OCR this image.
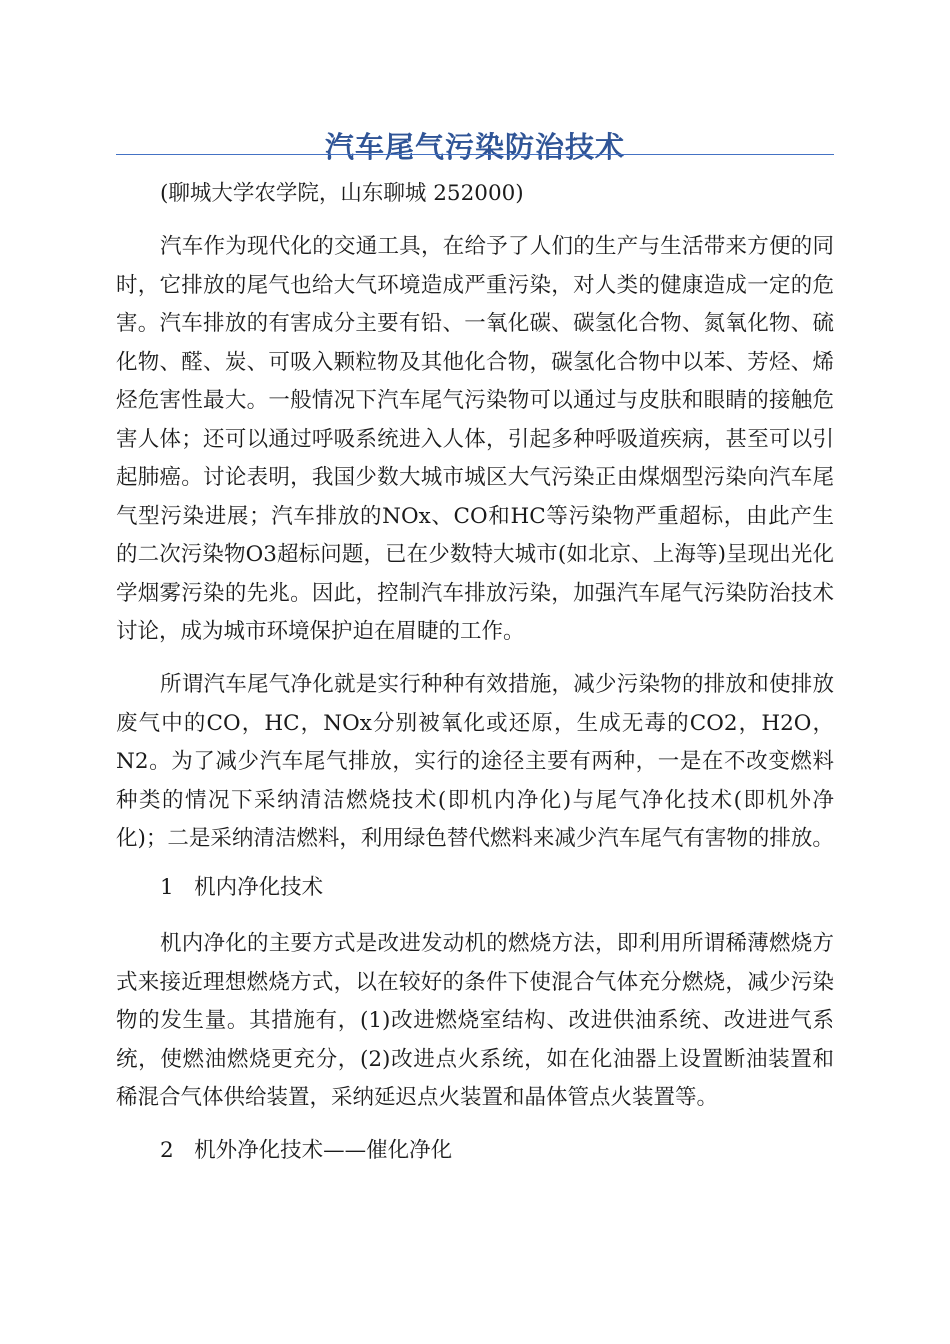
汽车尾气污染防治技术

(聊城大学农学院，山东聊城 252000)

汽车作为现代化的交通工具，在给予了人们的生产与生活带来方便的同时，它排放的尾气也给大气环境造成严重污染，对人类的健康造成一定的危害。汽车排放的有害成分主要有铅、一氧化碳、碳氢化合物、氮氧化物、硫化物、醛、炭、可吸入颗粒物及其他化合物，碳氢化合物中以苯、芳烃、烯烃危害性最大。一般情况下汽车尾气污染物可以通过与皮肤和眼睛的接触危害人体；还可以通过呼吸系统进入人体，引起多种呼吸道疾病，甚至可以引起肺癌。讨论表明，我国少数大城市城区大气污染正由煤烟型污染向汽车尾气型污染进展；汽车排放的NOx、CO和HC等污染物严重超标，由此产生的二次污染物O3超标问题，已在少数特大城市(如北京、上海等)呈现出光化学烟雾污染的先兆。因此，控制汽车排放污染，加强汽车尾气污染防治技术讨论，成为城市环境保护迫在眉睫的工作。

所谓汽车尾气净化就是实行种种有效措施，减少污染物的排放和使排放废气中的CO，HC，NOx分别被氧化或还原，生成无毒的CO2，H2O，N2。为了减少汽车尾气排放，实行的途径主要有两种，一是在不改变燃料种类的情况下采纳清洁燃烧技术(即机内净化)与尾气净化技术(即机外净化)；二是采纳清洁燃料，利用绿色替代燃料来减少汽车尾气有害物的排放。

1   机内净化技术

机内净化的主要方式是改进发动机的燃烧方法，即利用所谓稀薄燃烧方式来接近理想燃烧方式，以在较好的条件下使混合气体充分燃烧，减少污染物的发生量。其措施有，(1)改进燃烧室结构、改进供油系统、改进进气系统，使燃油燃烧更充分，(2)改进点火系统，如在化油器上设置断油装置和稀混合气体供给装置，采纳延迟点火装置和晶体管点火装置等。

2   机外净化技术——催化净化
